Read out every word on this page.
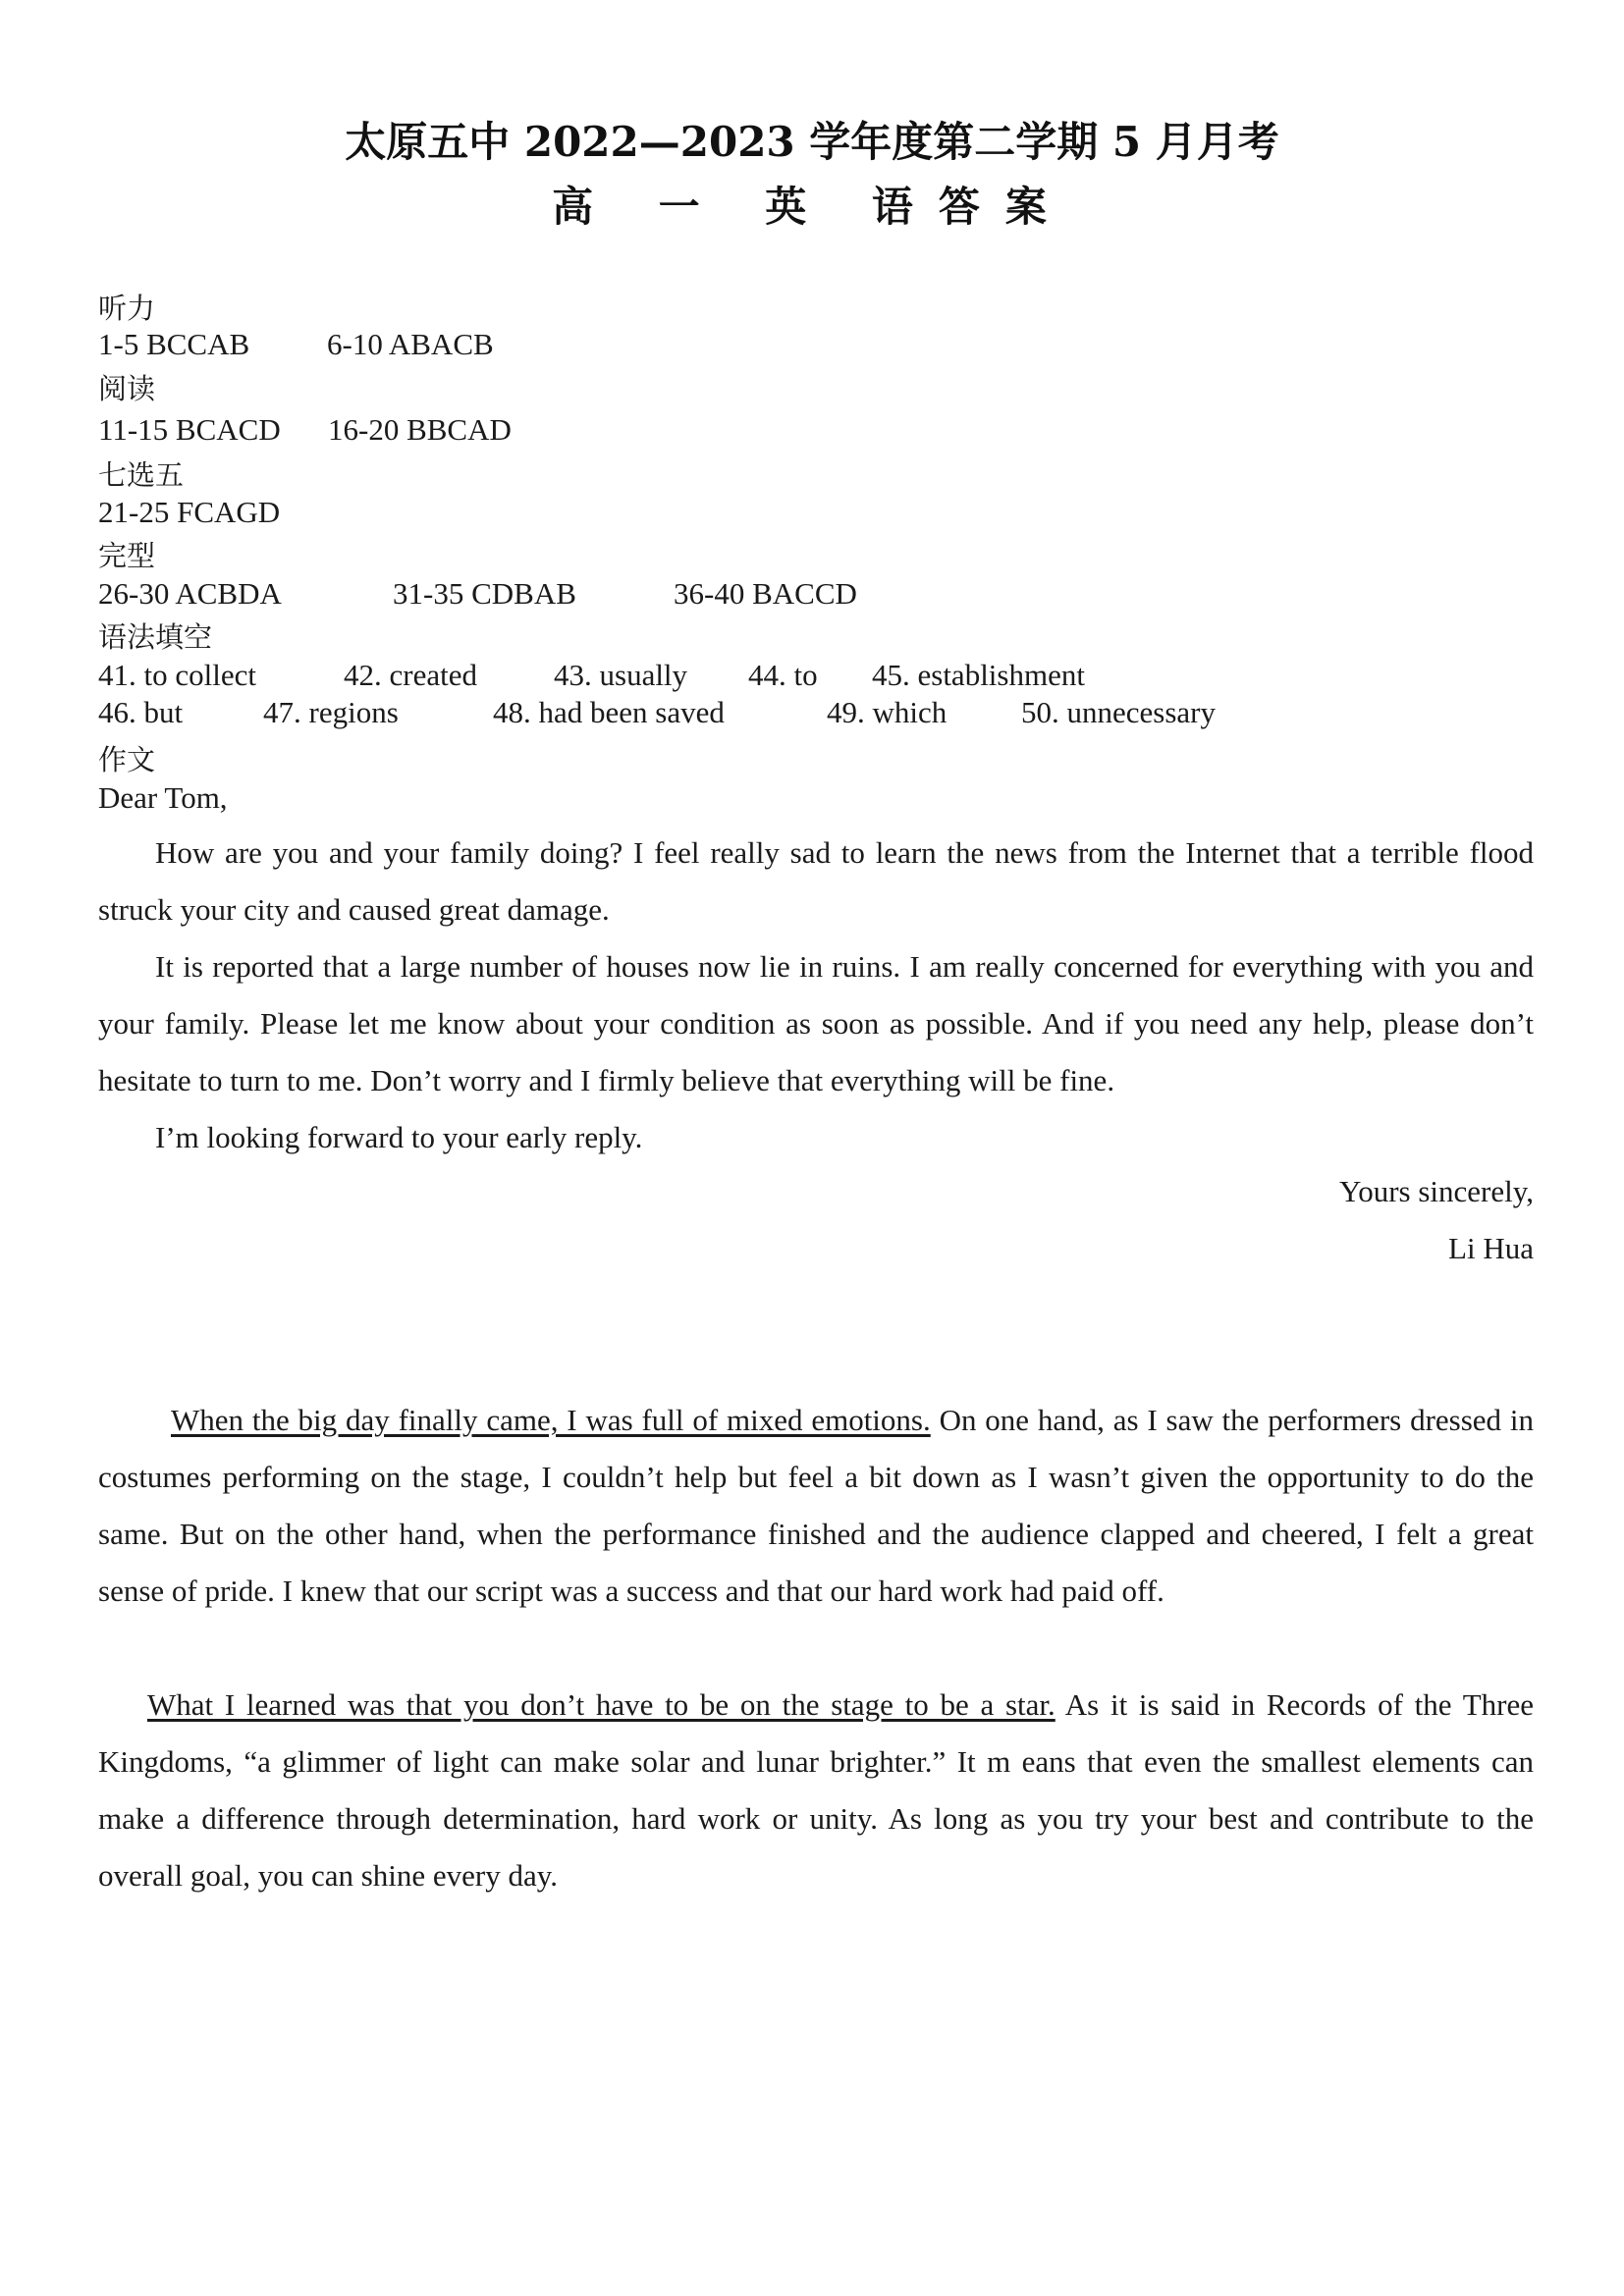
太原五中 2022—2023 学年度第二学期 5 月月考
高 一 英 语答案
听力
1-5 BCCAB	6-10 ABACB
阅读
11-15 BCACD 16-20 BBCAD
七选五
21-25 FCAGD
完型
26-30 ACBDA	31-35 CDBAB	36-40 BACCD
语法填空
41. to collect	42. created	43. usually 44. to 45. establishment
46. but	47. regions	48. had been saved	49. which 50. unnecessary
作文
Dear Tom,

How are you and your family doing? I feel really sad to learn the news from the Internet that a terrible flood struck your city and caused great damage.

It is reported that a large number of houses now lie in ruins. I am really concerned for everything with you and your family. Please let me know about your condition as soon as possible. And if you need any help, please don’t hesitate to turn to me. Don’t worry and I firmly believe that everything will be fine.

I’m looking forward to your early reply.

Yours sincerely,
Li Hua

When the big day finally came, I was full of mixed emotions. On one hand, as I saw the performers dressed in costumes performing on the stage, I couldn’t help but feel a bit down as I wasn’t given the opportunity to do the same. But on the other hand, when the performance finished and the audience clapped and cheered, I felt a great sense of pride. I knew that our script was a success and that our hard work had paid off.

What I learned was that you don’t have to be on the stage to be a star. As it is said in Records of the Three Kingdoms, “a glimmer of light can make solar and lunar brighter.” It m eans that even the smallest elements can make a difference through determination, hard work or unity. As long as you try your best and contribute to the overall goal, you can shine every day.
